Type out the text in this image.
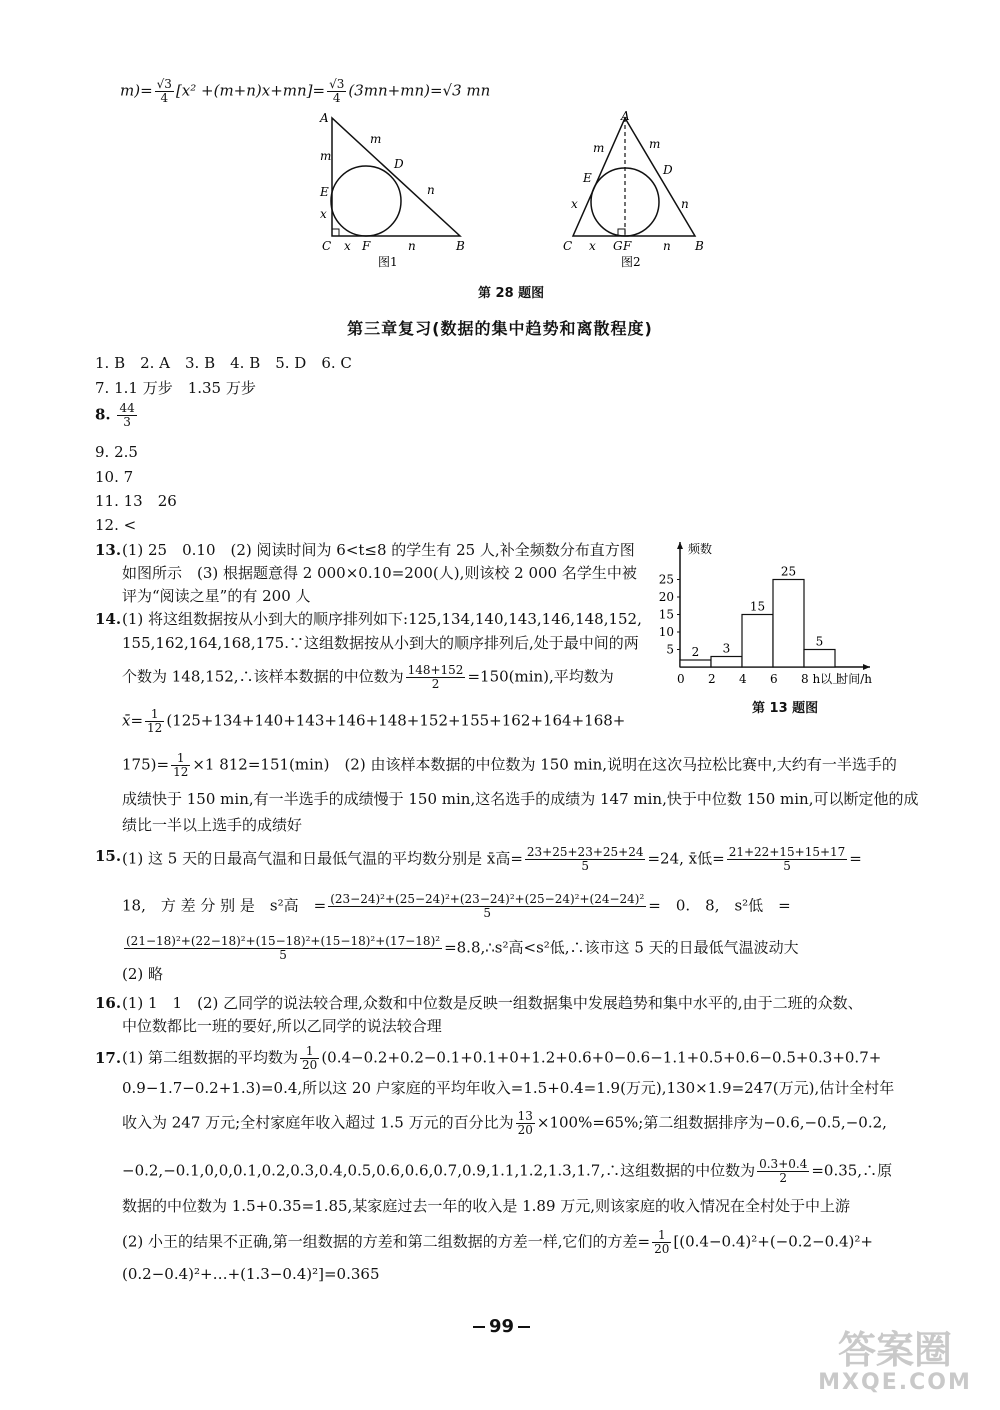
$m)= \frac{√3}{4} [x^2 +(m+n)x+mn]= \frac{√3}{4} (3mn+mn)=√3$ mn
A
m
m
D
E	n
x
C x F	n	B
图1
A
m	m
E
D
x	n
C x G F	n B
图2
第 28 题图
第三章复习(数据的集中趋势和离散程度)
1. B　2. A　3. B　4. B　5. D　6. C
7. 1.1 万步　1.35 万步
8. $\frac{44}{3}$
9. 2.5
10. 7
11. 13　26
12. <
13. (1) 25　0.10　(2) 阅读时间为 6<t≤8 的学生有 25 人,补全频数分布直方图
如图所示　(3) 根据题意得 2 000×0.10=200(人),则该校 2 000 名学生中被
评为“阅读之星”的有 200 人
频数
5
10
15
20
25
2 3
15
25
5
0 2 4 6 8 h以上
时间/h
第 13 题图
14. (1) 将这组数据按从小到大的顺序排列如下:125,134,140,143,146,148,152,
155,162,164,168,175.∵这组数据按从小到大的顺序排列后,处于最中间的两
个数为 148,152,∴该样本数据的中位数为 $\frac{148+152}{2} =150(\min)$,平均数为
x̄= $\frac{1}{12} (125+134+140+143+146+148+152+155+162+164+168+$
$175)= \frac{1}{12} \times 1$ 812=151(min)　(2) 由该样本数据的中位数为 150 min,说明在这次马拉松比赛中,大约有一半选手的
成绩快于 150 min,有一半选手的成绩慢于 150 min,这名选手的成绩为 147 min,快于中位数 150 min,可以断定他的成
绩比一半以上选手的成绩好
15. (1) 这 5 天的日最高气温和日最低气温的平均数分别是 x̄高= $\frac{23+25+23+25+24}{5} =24$, x̄低= $\frac{21+22+15+15+17}{5}$ =
18,　方 差 分 别 是　s²高　= $\frac{\text{(23−24)²+(25−24)²+(23−24)²+(25−24)²+(24−24)²}}{5}$ =　0.　8,　s²低　=
$\frac{\text{(21−18)²+(22−18)²+(15−18)²+(15−18)²+(17−18)²}}{5}$ =8.8,∴s²高<s²低,∴该市这 5 天的日最低气温波动大
(2) 略
16. (1) 1　1　(2) 乙同学的说法较合理,众数和中位数是反映一组数据集中发展趋势和集中水平的,由于二班的众数、
中位数都比一班的要好,所以乙同学的说法较合理
17. (1) 第二组数据的平均数为 $\frac{1}{20} (0.4-0.2+0.2-0.1+0.1+0+1.2+0.6+0-0.6-1.1+0.5+0.6-0.5+0.3+0.7+$
0.9−1.7−0.2+1.3)=0.4,所以这 20 户家庭的平均年收入=1.5+0.4=1.9(万元),130×1.9=247(万元),估计全村年
收入为 247 万元;全村家庭年收入超过 1.5 万元的百分比为 $\frac{13}{20} \times 100\%=65\%$;第二组数据排序为−0.6,−0.5,−0.2,
−0.2,−0.1,0,0,0.1,0.2,0.3,0.4,0.5,0.6,0.6,0.7,0.9,1.1,1.2,1.3,1.7,∴这组数据的中位数为 $\frac{0.3+0.4}{2}$ =0.35,∴原
数据的中位数为 1.5+0.35=1.85,某家庭过去一年的收入是 1.89 万元,则该家庭的收入情况在全村处于中上游
(2) 小王的结果不正确,第一组数据的方差和第二组数据的方差一样,它们的方差= $\frac{1}{20} [(0.4-0.4)^2+(-0.2-0.4)^2+$
(0.2−0.4)²+…+(1.3−0.4)²]=0.365
99
答案圈
MXQE.COM
